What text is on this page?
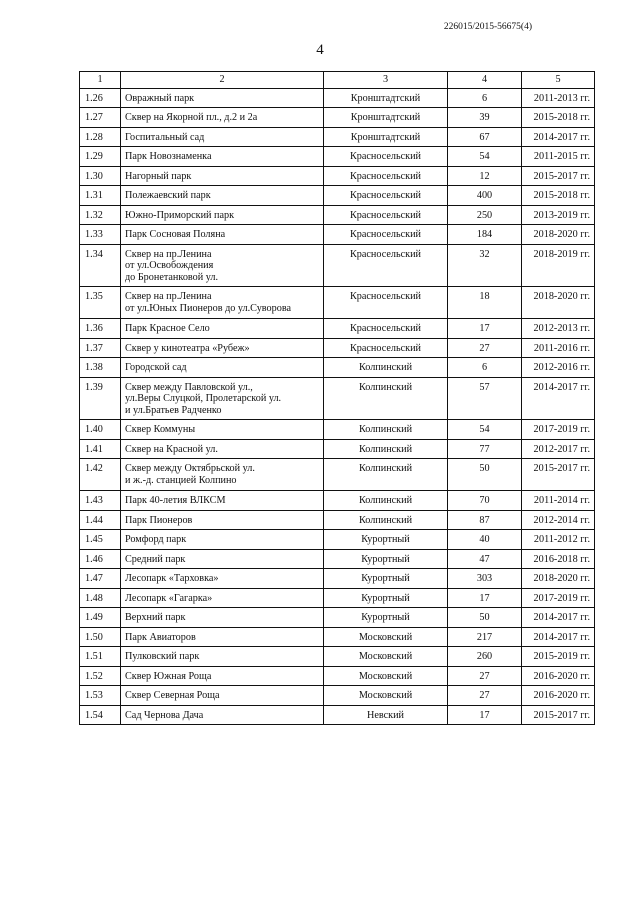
226015/2015-56675(4)
4
1	2	3	4	5
1.26	Овражный парк	Кронштадтский	6	2011-2013 гг.
1.27	Сквер на Якорной пл., д.2 и 2а	Кронштадтский	39	2015-2018 гг.
1.28	Госпитальный сад	Кронштадтский	67	2014-2017 гг.
1.29	Парк Новознаменка	Красносельский	54	2011-2015 гг.
1.30	Нагорный парк	Красносельский	12	2015-2017 гг.
1.31	Полежаевский парк	Красносельский	400	2015-2018 гг.
1.32	Южно-Приморский парк	Красносельский	250	2013-2019 гг.
1.33	Парк Сосновая Поляна	Красносельский	184	2018-2020 гг.
1.34	Сквер на пр.Ленина
от ул.Освобождения
до Бронетанковой ул.	Красносельский	32	2018-2019 гг.
1.35	Сквер на пр.Ленина
от ул.Юных Пионеров до ул.Суворова	Красносельский	18	2018-2020 гг.
1.36	Парк Красное Село	Красносельский	17	2012-2013 гг.
1.37	Сквер у кинотеатра «Рубеж»	Красносельский	27	2011-2016 гг.
1.38	Городской сад	Колпинский	6	2012-2016 гг.
1.39	Сквер между Павловской ул.,
ул.Веры Слуцкой, Пролетарской ул.
и ул.Братьев Радченко	Колпинский	57	2014-2017 гг.
1.40	Сквер Коммуны	Колпинский	54	2017-2019 гг.
1.41	Сквер на Красной ул.	Колпинский	77	2012-2017 гг.
1.42	Сквер между Октябрьской ул.
и ж.-д. станцией Колпино	Колпинский	50	2015-2017 гг.
1.43	Парк 40-летия ВЛКСМ	Колпинский	70	2011-2014 гг.
1.44	Парк Пионеров	Колпинский	87	2012-2014 гг.
1.45	Ромфорд парк	Курортный	40	2011-2012 гг.
1.46	Средний парк	Курортный	47	2016-2018 гг.
1.47	Лесопарк «Тарховка»	Курортный	303	2018-2020 гг.
1.48	Лесопарк «Гагарка»	Курортный	17	2017-2019 гг.
1.49	Верхний парк	Курортный	50	2014-2017 гг.
1.50	Парк Авиаторов	Московский	217	2014-2017 гг.
1.51	Пулковский парк	Московский	260	2015-2019 гг.
1.52	Сквер Южная Роща	Московский	27	2016-2020 гг.
1.53	Сквер Северная Роща	Московский	27	2016-2020 гг.
1.54	Сад Чернова Дача	Невский	17	2015-2017 гг.
